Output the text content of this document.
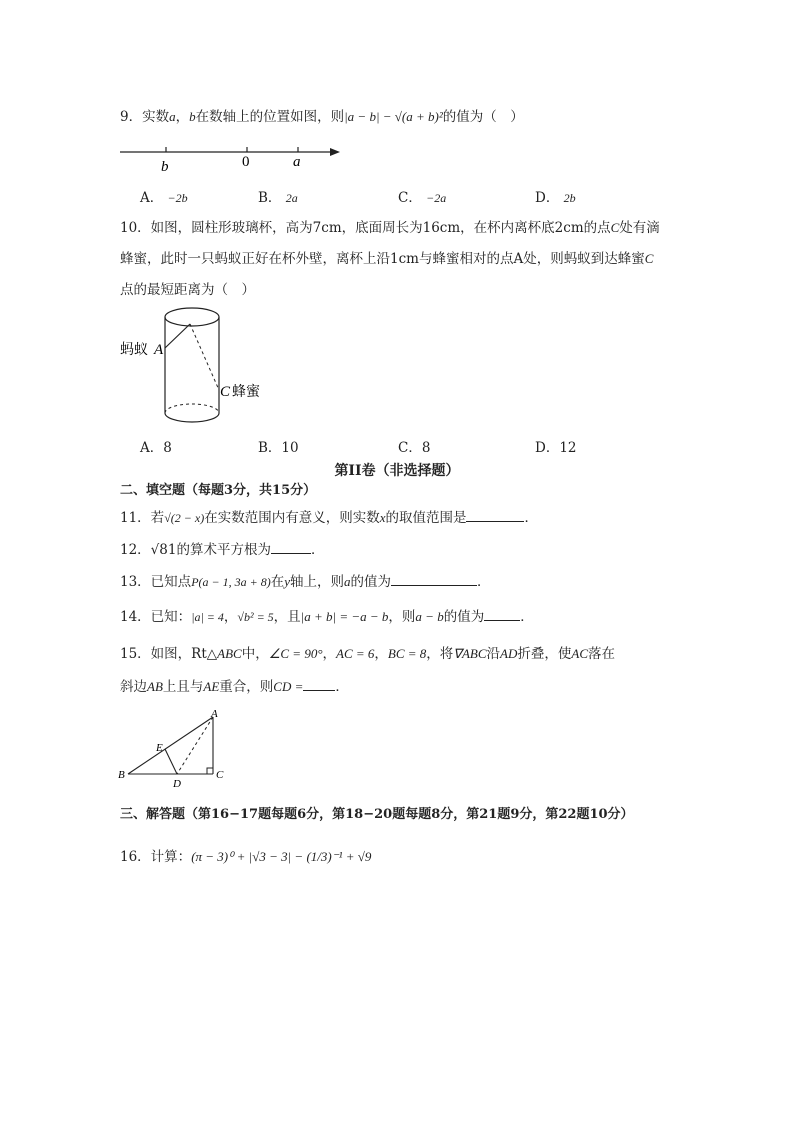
9．实数a，b在数轴上的位置如图，则|a − b| − √(a + b)²的值为（　）
b	0	a
A． −2b	B． 2a	C． −2a	D． 2b
10．如图，圆柱形玻璃杯，高为7cm，底面周长为16cm，在杯内离杯底2cm的点C处有滴
蜂蜜，此时一只蚂蚁正好在杯外壁，离杯上沿1cm与蜂蜜相对的点A处，则蚂蚁到达蜂蜜C
点的最短距离为（　）
蚂蚁 A
C 蜂蜜
A．8	B．10	C．8	D．12
第II卷（非选择题）
二、填空题（每题3分，共15分）
11．若√(2 − x)在实数范围内有意义，则实数x的取值范围是	．
12．√81的算术平方根为	．
13．已知点P(a − 1, 3a + 8)在y轴上，则a的值为	．
14．已知：|a| = 4，√b² = 5，且|a + b| = −a − b，则a − b的值为	．
15．如图，Rt△ABC中，∠C = 90°，AC = 6，BC = 8，将∇ABC沿AD折叠，使AC落在
斜边AB上且与AE重合，则CD = ．
A
B	C
D
E
三、解答题（第16−17题每题6分，第18−20题每题8分，第21题9分，第22题10分）
16．计算：(π − 3)⁰ + |√3 − 3| − (1/3)⁻¹ + √9
